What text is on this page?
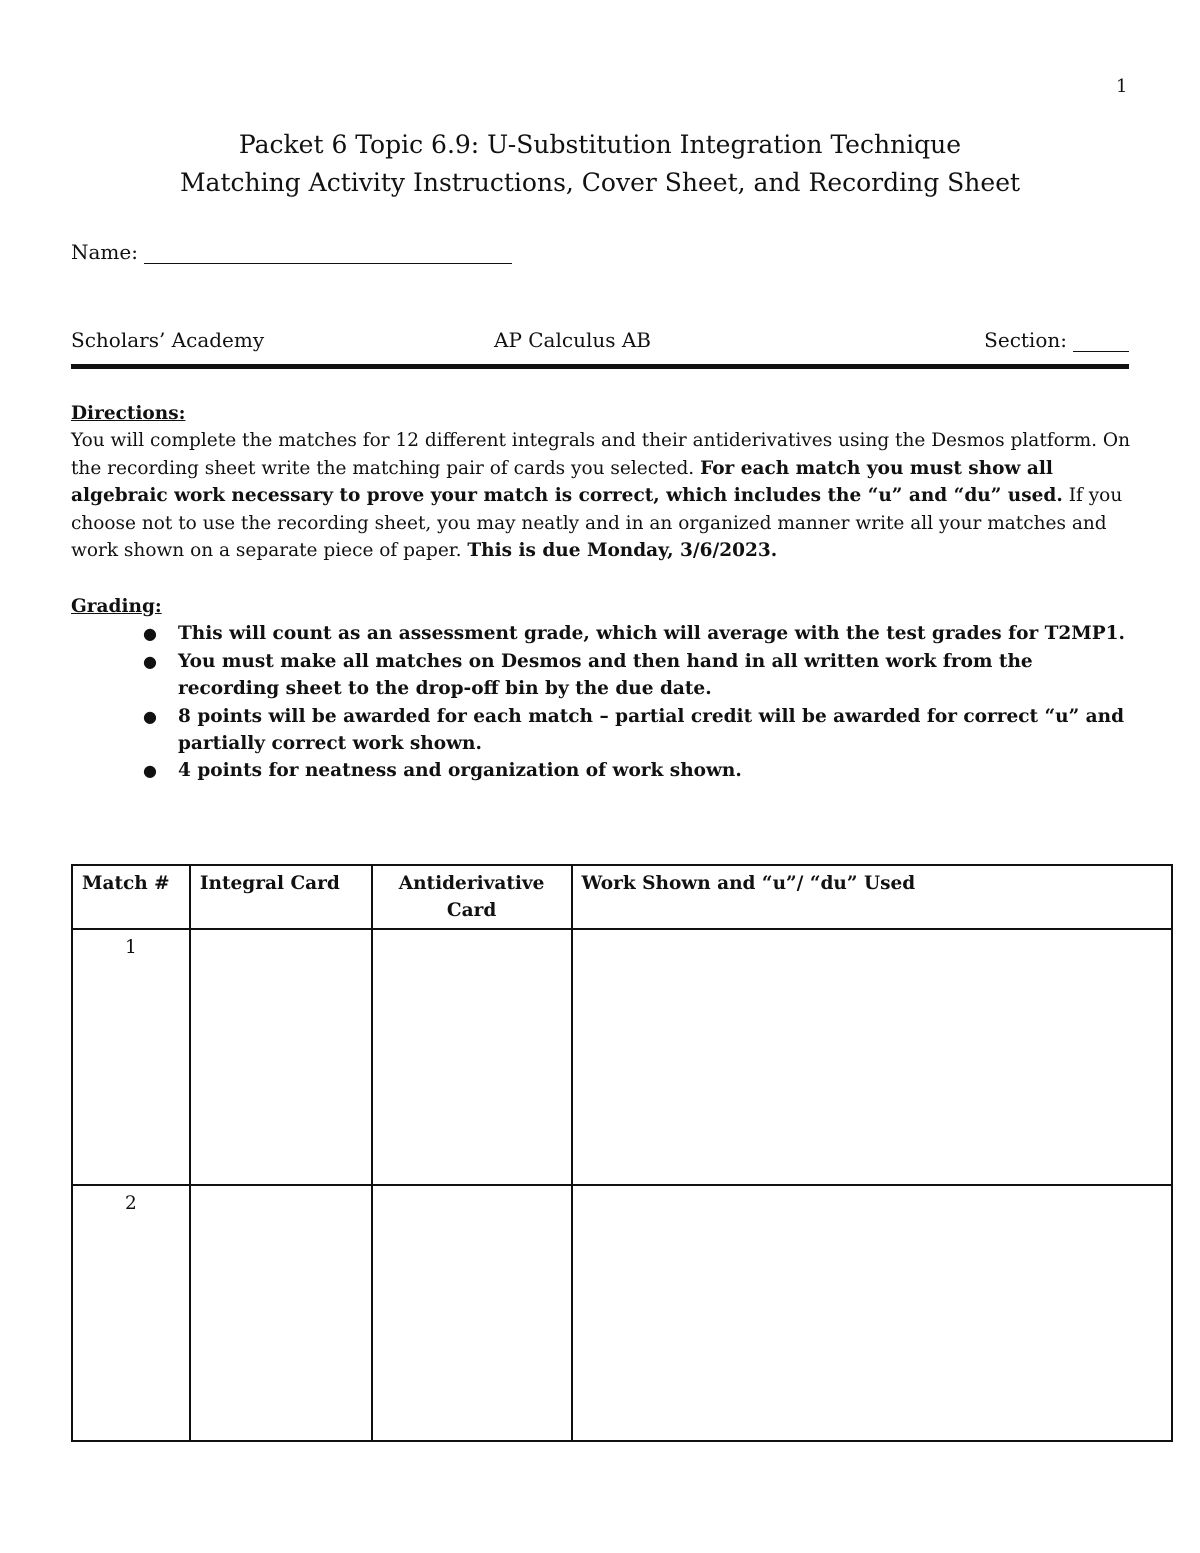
1
Packet 6 Topic 6.9: U-Substitution Integration Technique
Matching Activity Instructions, Cover Sheet, and Recording Sheet
Name:
Scholars’ Academy	AP Calculus AB	Section:
Directions:
You will complete the matches for 12 different integrals and their antiderivatives using the Desmos platform. On the recording sheet write the matching pair of cards you selected. For each match you must show all algebraic work necessary to prove your match is correct, which includes the “u” and “du” used. If you choose not to use the recording sheet, you may neatly and in an organized manner write all your matches and work shown on a separate piece of paper. This is due Monday, 3/6/2023.
Grading:
● This will count as an assessment grade, which will average with the test grades for T2MP1.
● You must make all matches on Desmos and then hand in all written work from the recording sheet to the drop-off bin by the due date.
● 8 points will be awarded for each match – partial credit will be awarded for correct “u” and partially correct work shown.
● 4 points for neatness and organization of work shown.
Match #	Integral Card	Antiderivative Card	Work Shown and “u”/ “du” Used
1			
2			
